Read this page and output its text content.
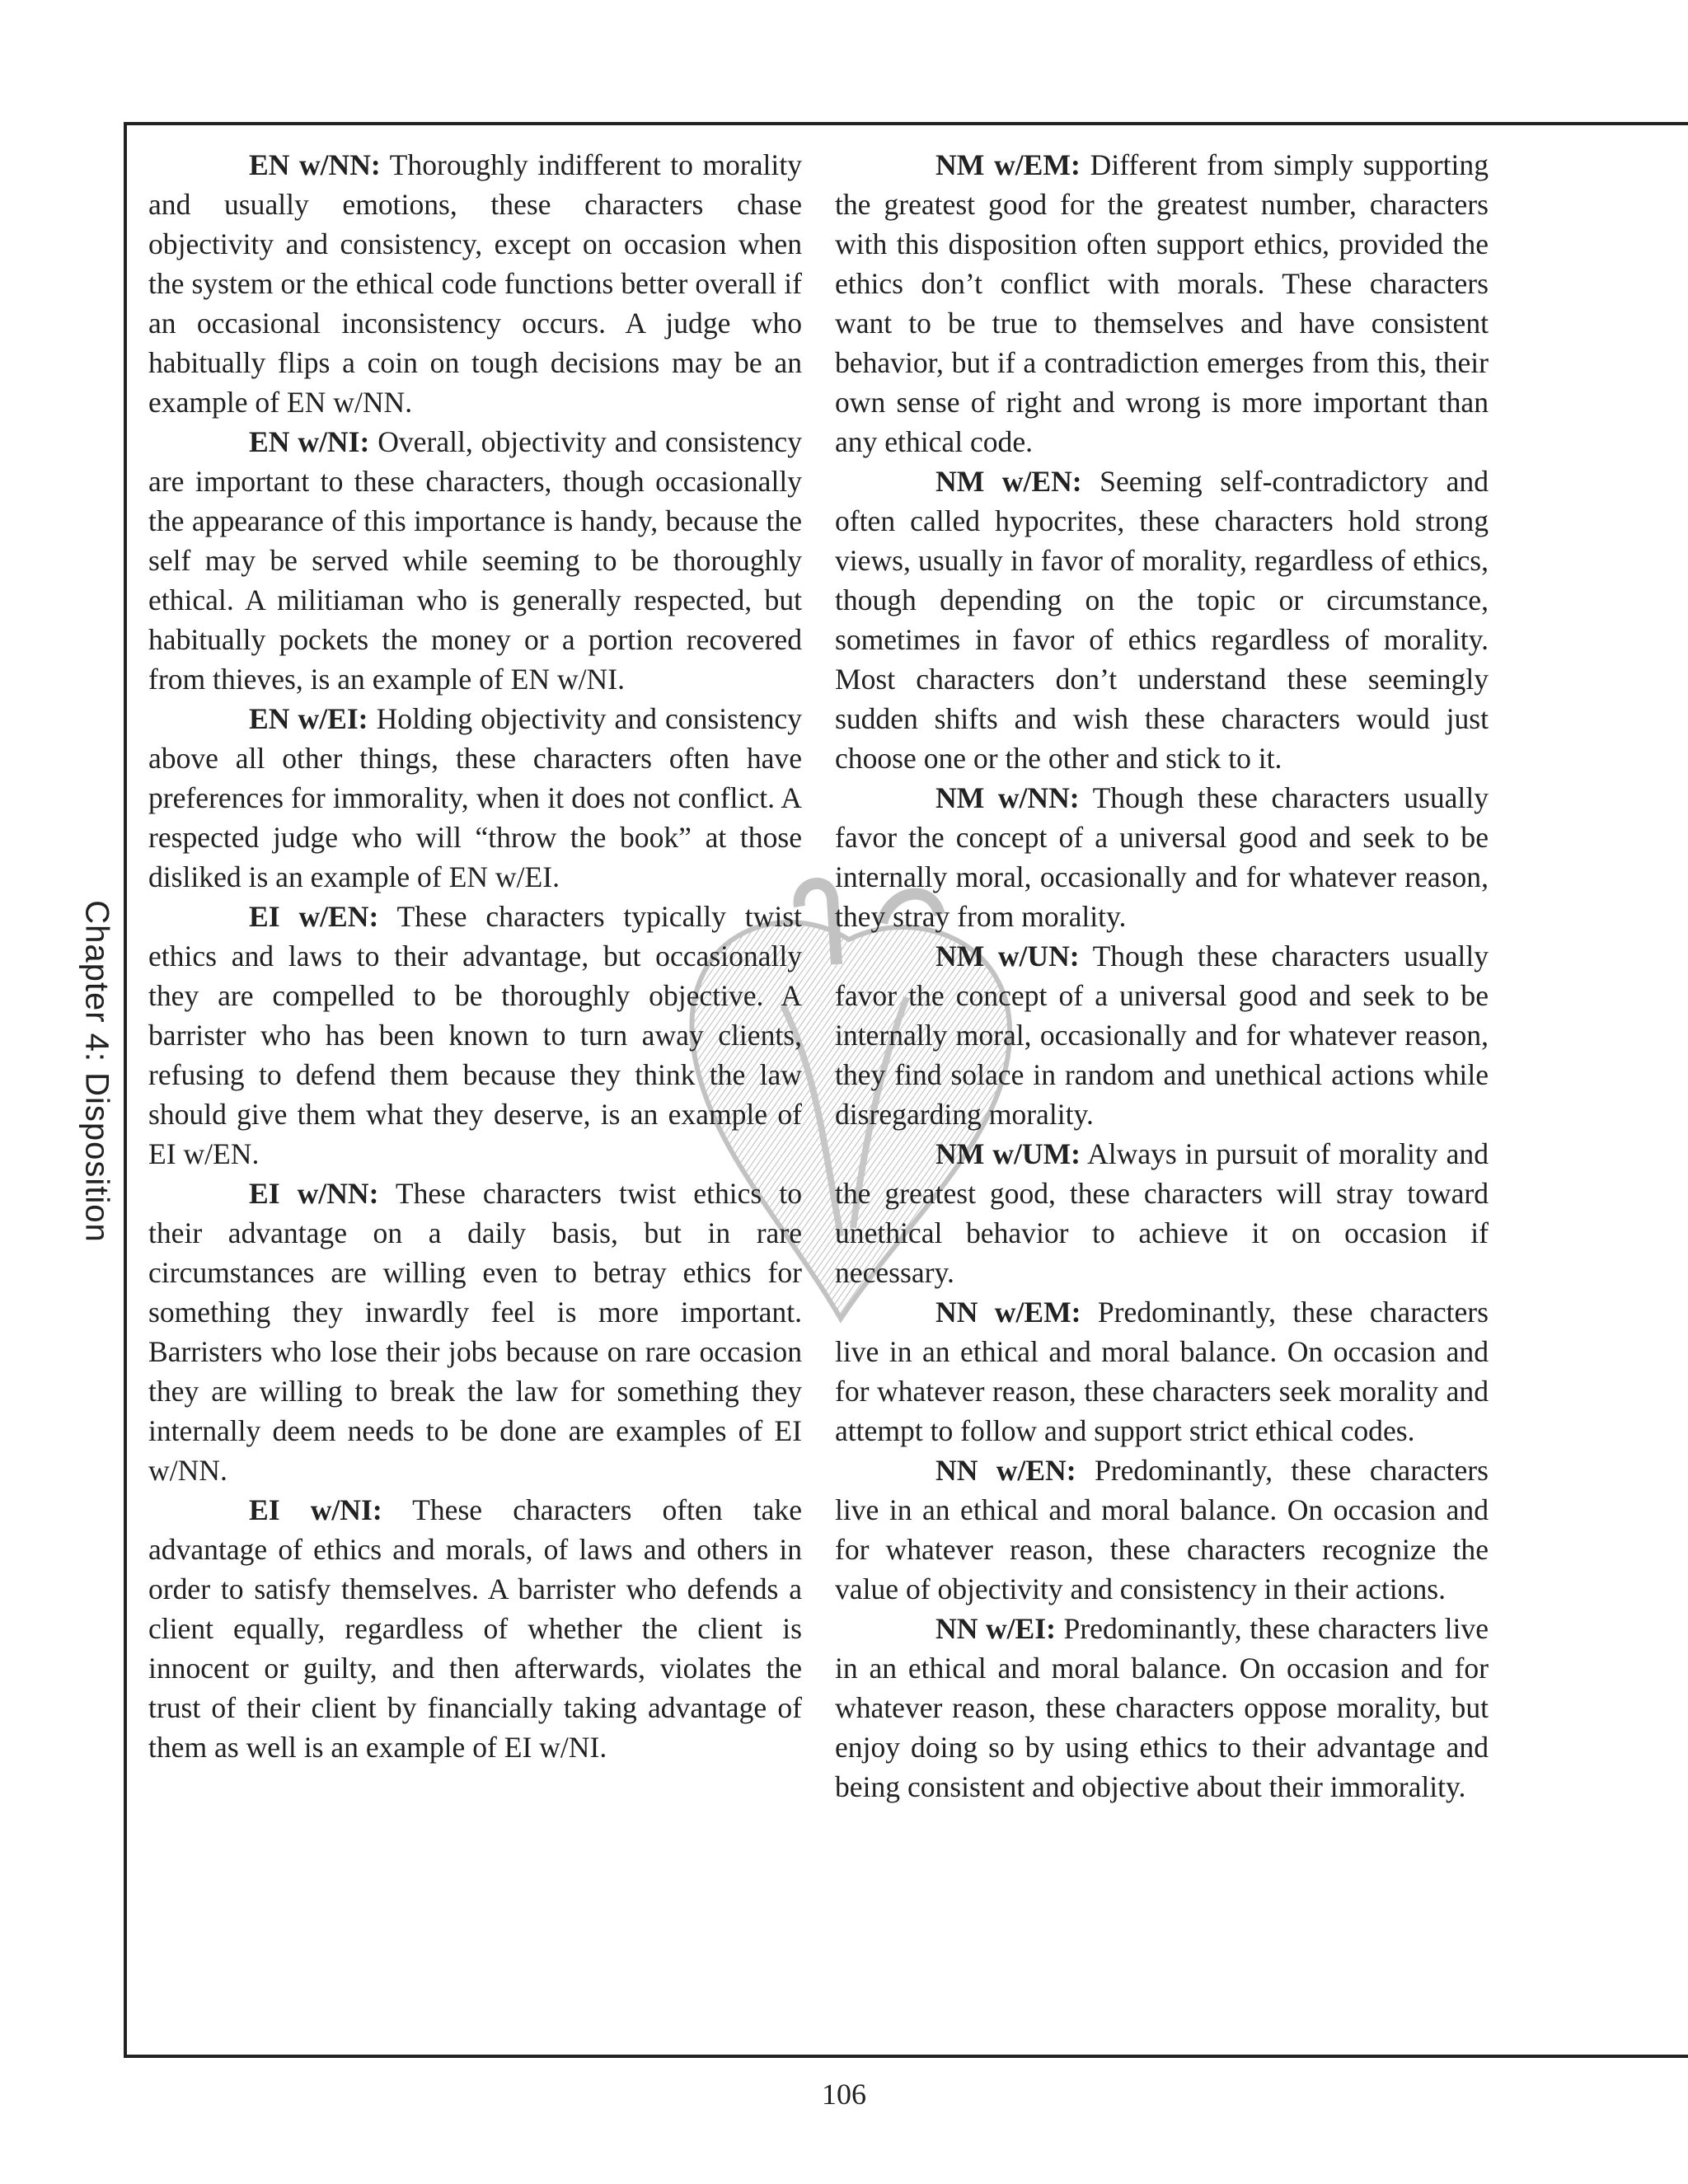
Chapter 4: Disposition

EN w/NN: Thoroughly indifferent to morality and usually emotions, these characters chase objectivity and consistency, except on occasion when the system or the ethical code functions better overall if an occasional inconsistency occurs. A judge who habitually flips a coin on tough decisions may be an example of EN w/NN.

EN w/NI: Overall, objectivity and consistency are important to these characters, though occasionally the appearance of this importance is handy, because the self may be served while seeming to be thoroughly ethical. A militiaman who is generally respected, but habitually pockets the money or a portion recovered from thieves, is an example of EN w/NI.

EN w/EI: Holding objectivity and consistency above all other things, these characters often have preferences for immorality, when it does not conflict. A respected judge who will “throw the book” at those disliked is an example of EN w/EI.

EI w/EN: These characters typically twist ethics and laws to their advantage, but occasionally they are compelled to be thoroughly objective. A barrister who has been known to turn away clients, refusing to defend them because they think the law should give them what they deserve, is an example of EI w/EN.

EI w/NN: These characters twist ethics to their advantage on a daily basis, but in rare circumstances are willing even to betray ethics for something they inwardly feel is more important. Barristers who lose their jobs because on rare occasion they are willing to break the law for something they internally deem needs to be done are examples of EI w/NN.

EI w/NI: These characters often take advantage of ethics and morals, of laws and others in order to satisfy themselves. A barrister who defends a client equally, regardless of whether the client is innocent or guilty, and then afterwards, violates the trust of their client by financially taking advantage of them as well is an example of EI w/NI.

NM w/EM: Different from simply supporting the greatest good for the greatest number, characters with this disposition often support ethics, provided the ethics don’t conflict with morals. These characters want to be true to themselves and have consistent behavior, but if a contradiction emerges from this, their own sense of right and wrong is more important than any ethical code.

NM w/EN: Seeming self-contradictory and often called hypocrites, these characters hold strong views, usually in favor of morality, regardless of ethics, though depending on the topic or circumstance, sometimes in favor of ethics regardless of morality. Most characters don’t understand these seemingly sudden shifts and wish these characters would just choose one or the other and stick to it.

NM w/NN: Though these characters usually favor the concept of a universal good and seek to be internally moral, occasionally and for whatever reason, they stray from morality.

NM w/UN: Though these characters usually favor the concept of a universal good and seek to be internally moral, occasionally and for whatever reason, they find solace in random and unethical actions while disregarding morality.

NM w/UM: Always in pursuit of morality and the greatest good, these characters will stray toward unethical behavior to achieve it on occasion if necessary.

NN w/EM: Predominantly, these characters live in an ethical and moral balance. On occasion and for whatever reason, these characters seek morality and attempt to follow and support strict ethical codes.

NN w/EN: Predominantly, these characters live in an ethical and moral balance. On occasion and for whatever reason, these characters recognize the value of objectivity and consistency in their actions.

NN w/EI: Predominantly, these characters live in an ethical and moral balance. On occasion and for whatever reason, these characters oppose morality, but enjoy doing so by using ethics to their advantage and being consistent and objective about their immorality.

106
